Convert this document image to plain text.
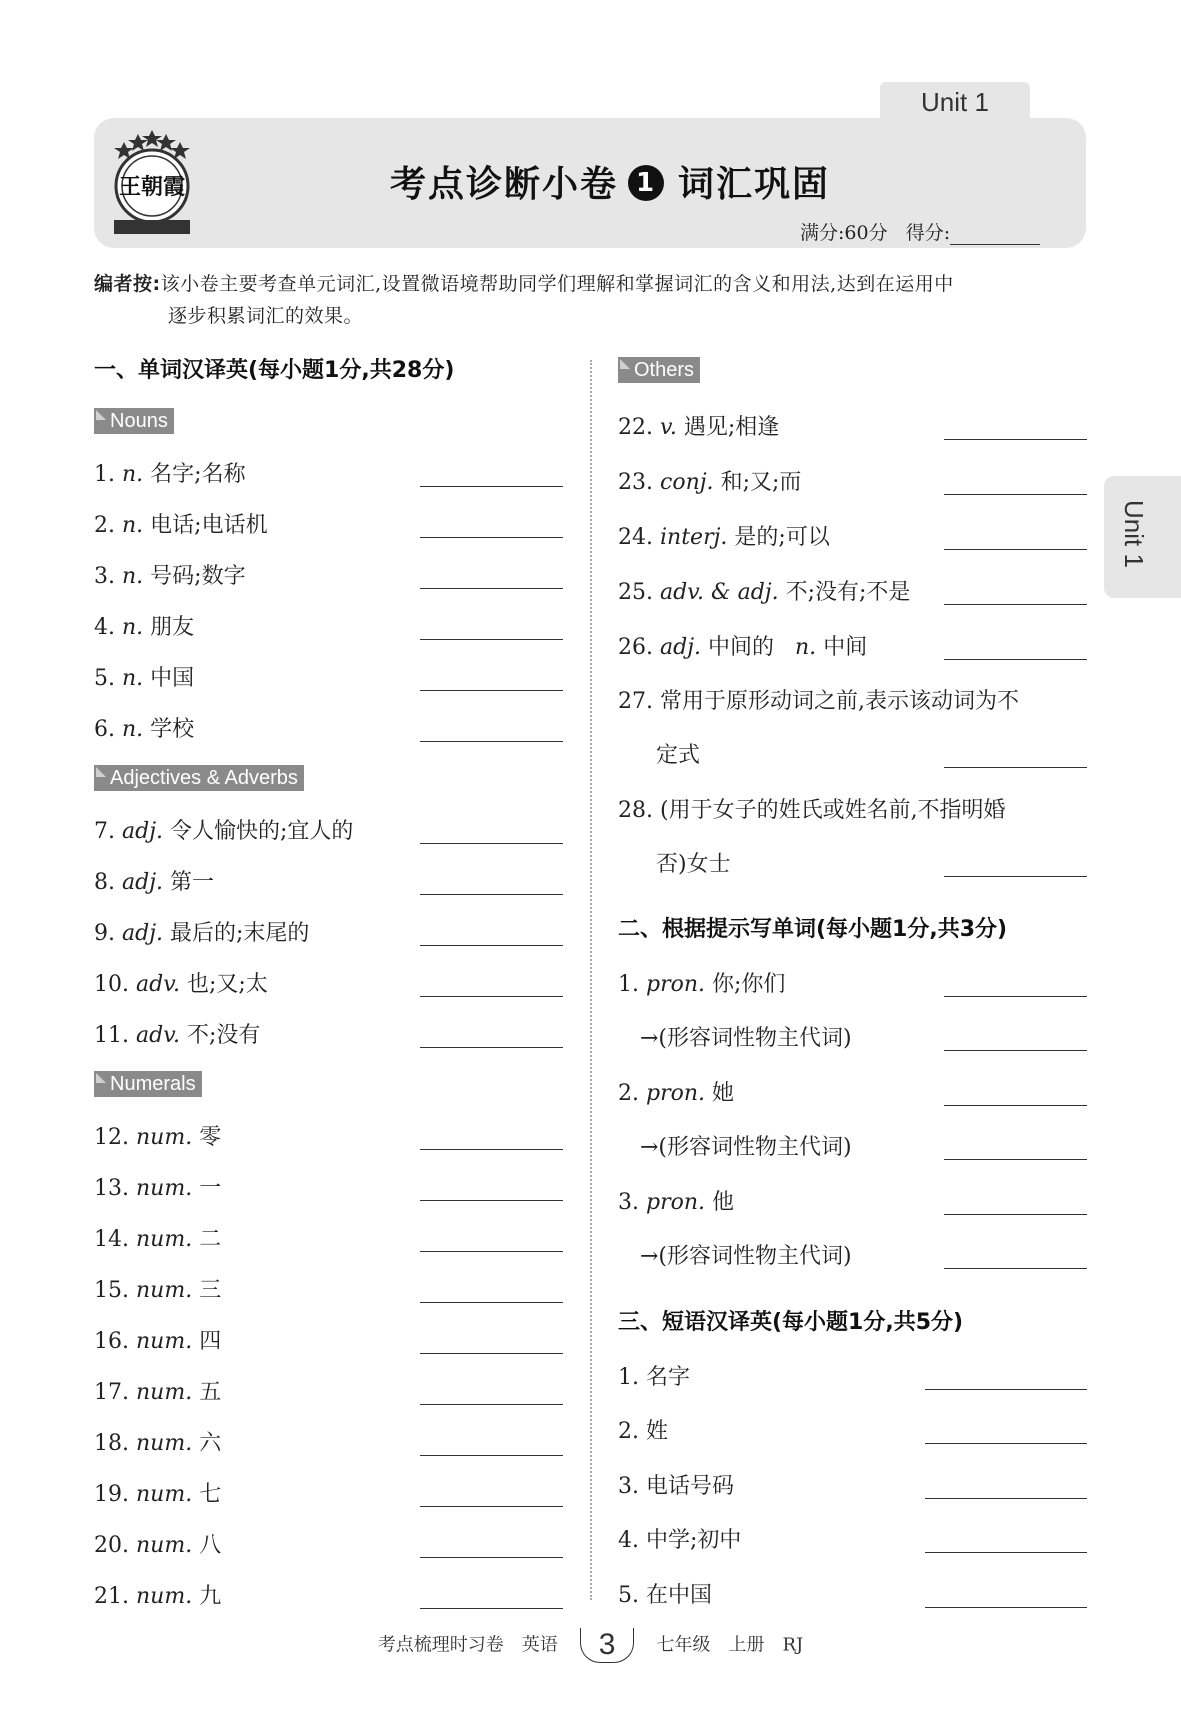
Unit 1
王朝霞	考点诊断小卷 1 词汇巩固
满分:60分 得分:
编者按:该小卷主要考查单元词汇,设置微语境帮助同学们理解和掌握词汇的含义和用法,达到在运用中
逐步积累词汇的效果。
Unit 1
一、单词汉译英(每小题1分,共28分)
Nouns
1. n. 名字;名称
2. n. 电话;电话机
3. n. 号码;数字
4. n. 朋友
5. n. 中国
6. n. 学校
Adjectives & Adverbs
7. adj. 令人愉快的;宜人的
8. adj. 第一
9. adj. 最后的;末尾的
10. adv. 也;又;太
11. adv. 不;没有
Numerals
12. num. 零
13. num. 一
14. num. 二
15. num. 三
16. num. 四
17. num. 五
18. num. 六
19. num. 七
20. num. 八
21. num. 九
Others
22. v. 遇见;相逢
23. conj. 和;又;而
24. interj. 是的;可以
25. adv. & adj. 不;没有;不是
26. adj. 中间的 n. 中间
27. 常用于原形动词之前,表示该动词为不
定式
28. (用于女子的姓氏或姓名前,不指明婚
否)女士
二、根据提示写单词(每小题1分,共3分)
1. pron. 你;你们
→(形容词性物主代词)
2. pron. 她
→(形容词性物主代词)
3. pron. 他
→(形容词性物主代词)
三、短语汉译英(每小题1分,共5分)
1. 名字
2. 姓
3. 电话号码
4. 中学;初中
5. 在中国
考点梳理时习卷 英语 3 七年级 上册 RJ
